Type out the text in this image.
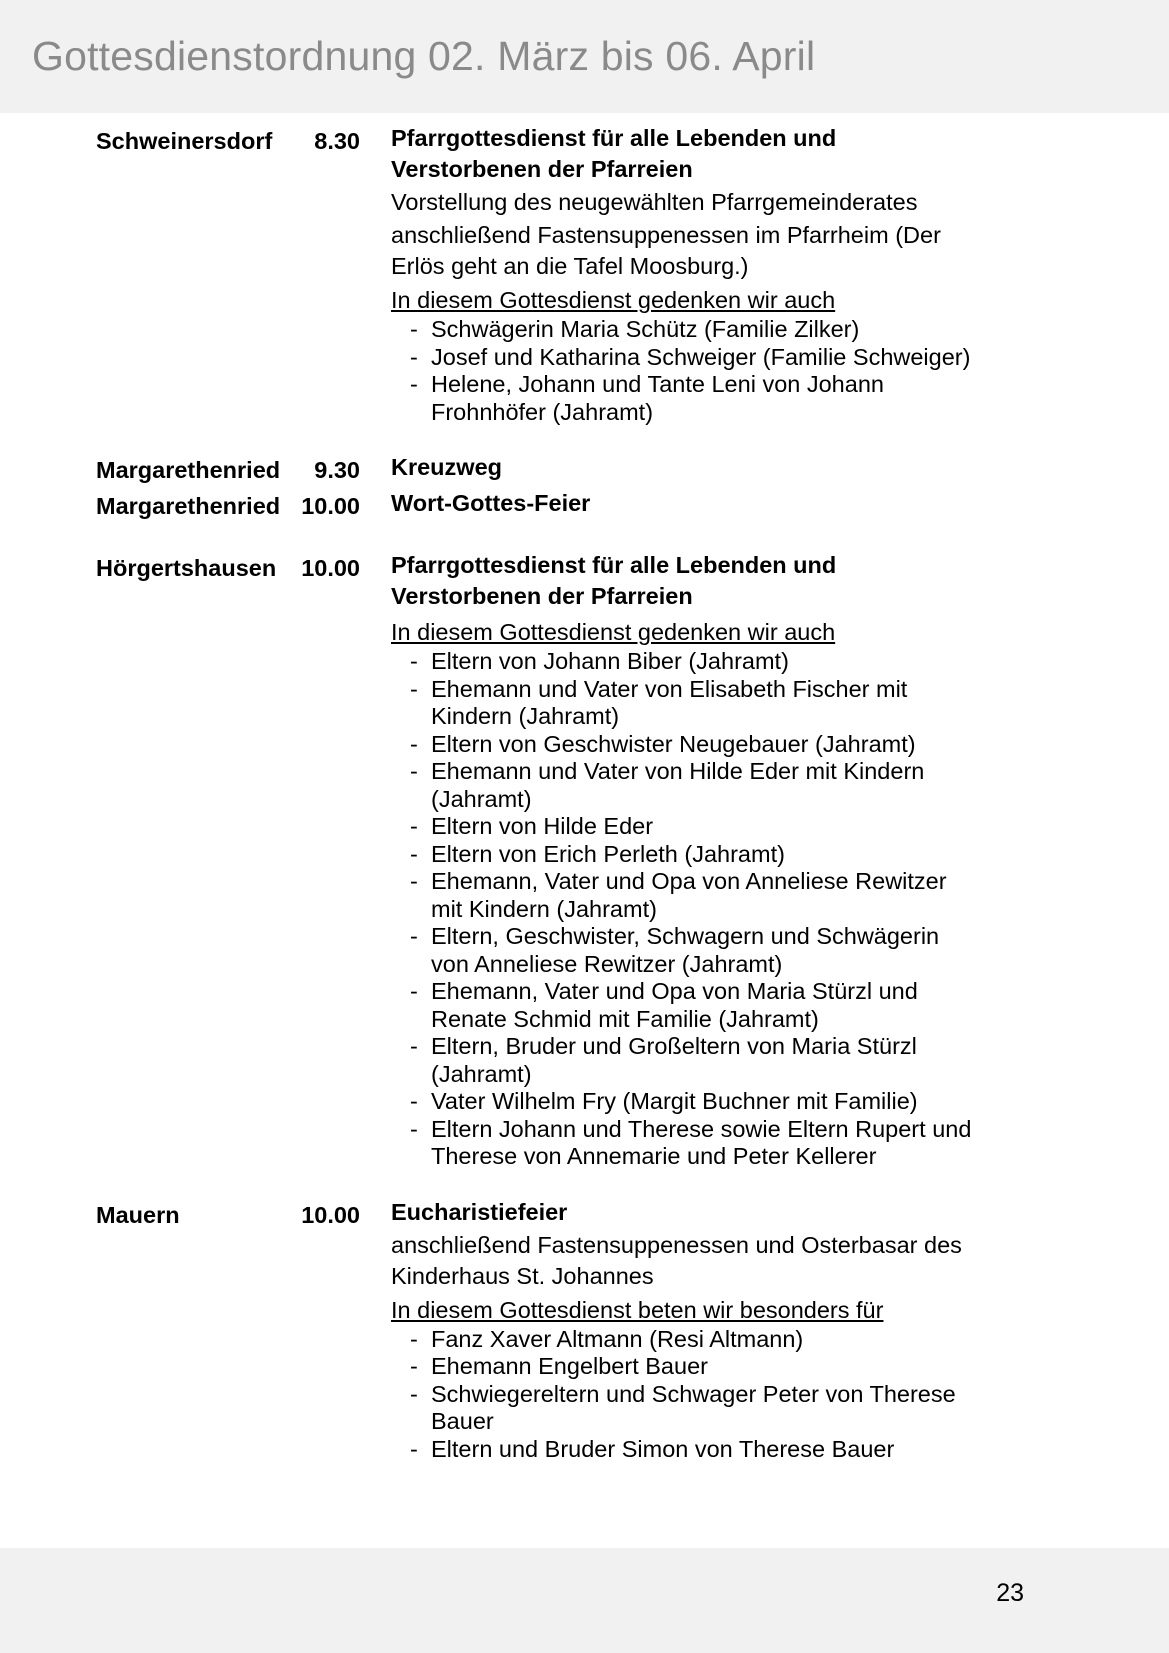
Gottesdienstordnung 02. März bis 06. April
Schweinersdorf	8.30 Pfarrgottesdienst für alle Lebenden und Verstorbenen der Pfarreien
Vorstellung des neugewählten Pfarrgemeinderates
anschließend Fastensuppenessen im Pfarrheim (Der Erlös geht an die Tafel Moosburg.)
In diesem Gottesdienst gedenken wir auch
- Schwägerin Maria Schütz (Familie Zilker)
- Josef und Katharina Schweiger (Familie Schweiger)
- Helene, Johann und Tante Leni von Johann Frohnhöfer (Jahramt)
Margarethenried	9.30 Kreuzweg
Margarethenried 10.00 Wort-Gottes-Feier
Hörgertshausen	10.00 Pfarrgottesdienst für alle Lebenden und Verstorbenen der Pfarreien
In diesem Gottesdienst gedenken wir auch
- Eltern von Johann Biber (Jahramt)
- Ehemann und Vater von Elisabeth Fischer mit Kindern (Jahramt)
- Eltern von Geschwister Neugebauer (Jahramt)
- Ehemann und Vater von Hilde Eder mit Kindern (Jahramt)
- Eltern von Hilde Eder
- Eltern von Erich Perleth (Jahramt)
- Ehemann, Vater und Opa von Anneliese Rewitzer mit Kindern (Jahramt)
- Eltern, Geschwister, Schwagern und Schwägerin von Anneliese Rewitzer (Jahramt)
- Ehemann, Vater und Opa von Maria Stürzl und Renate Schmid mit Familie (Jahramt)
- Eltern, Bruder und Großeltern von Maria Stürzl (Jahramt)
- Vater Wilhelm Fry (Margit Buchner mit Familie)
- Eltern Johann und Therese sowie Eltern Rupert und Therese von Annemarie und Peter Kellerer
Mauern	10.00 Eucharistiefeier
anschließend Fastensuppenessen und Osterbasar des Kinderhaus St. Johannes
In diesem Gottesdienst beten wir besonders für
- Fanz Xaver Altmann (Resi Altmann)
- Ehemann Engelbert Bauer
- Schwiegereltern und Schwager Peter von Therese Bauer
- Eltern und Bruder Simon von Therese Bauer
23
